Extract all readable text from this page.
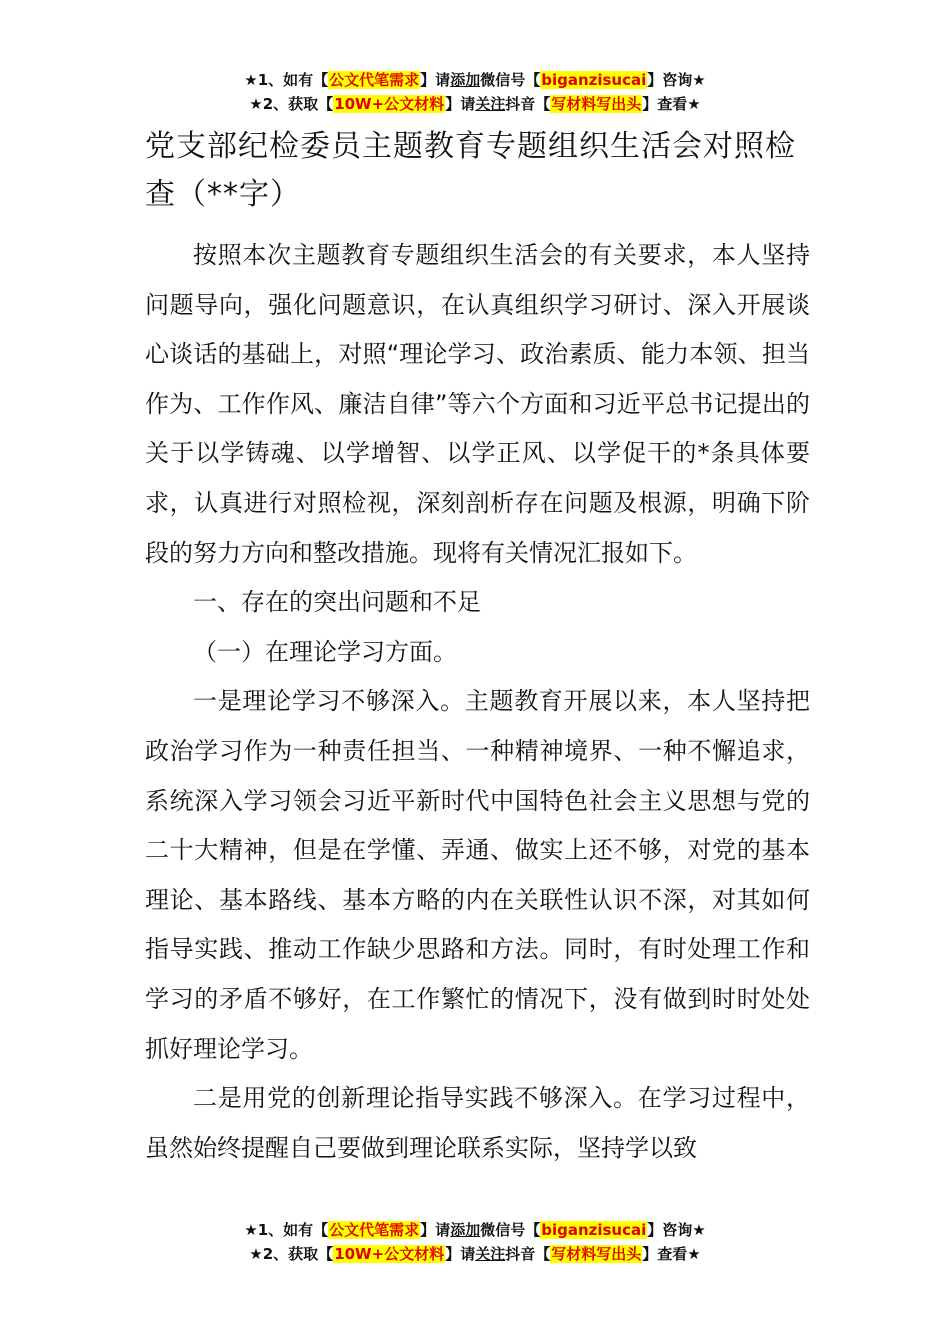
★1、如有【公文代笔需求】请添加微信号【biganzisucai】咨询★
★2、获取【10W+公文材料】请关注抖音【写材料写出头】查看★
党支部纪检委员主题教育专题组织生活会对照检查（**字）

按照本次主题教育专题组织生活会的有关要求，本人坚持问题导向，强化问题意识，在认真组织学习研讨、深入开展谈心谈话的基础上，对照“理论学习、政治素质、能力本领、担当作为、工作作风、廉洁自律”等六个方面和习近平总书记提出的关于以学铸魂、以学增智、以学正风、以学促干的*条具体要求，认真进行对照检视，深刻剖析存在问题及根源，明确下阶段的努力方向和整改措施。现将有关情况汇报如下。

一、存在的突出问题和不足

（一）在理论学习方面。

一是理论学习不够深入。主题教育开展以来，本人坚持把政治学习作为一种责任担当、一种精神境界、一种不懈追求，系统深入学习领会习近平新时代中国特色社会主义思想与党的二十大精神，但是在学懂、弄通、做实上还不够，对党的基本理论、基本路线、基本方略的内在关联性认识不深，对其如何指导实践、推动工作缺少思路和方法。同时，有时处理工作和学习的矛盾不够好，在工作繁忙的情况下，没有做到时时处处抓好理论学习。

二是用党的创新理论指导实践不够深入。在学习过程中，虽然始终提醒自己要做到理论联系实际，坚持学以致

★1、如有【公文代笔需求】请添加微信号【biganzisucai】咨询★
★2、获取【10W+公文材料】请关注抖音【写材料写出头】查看★
